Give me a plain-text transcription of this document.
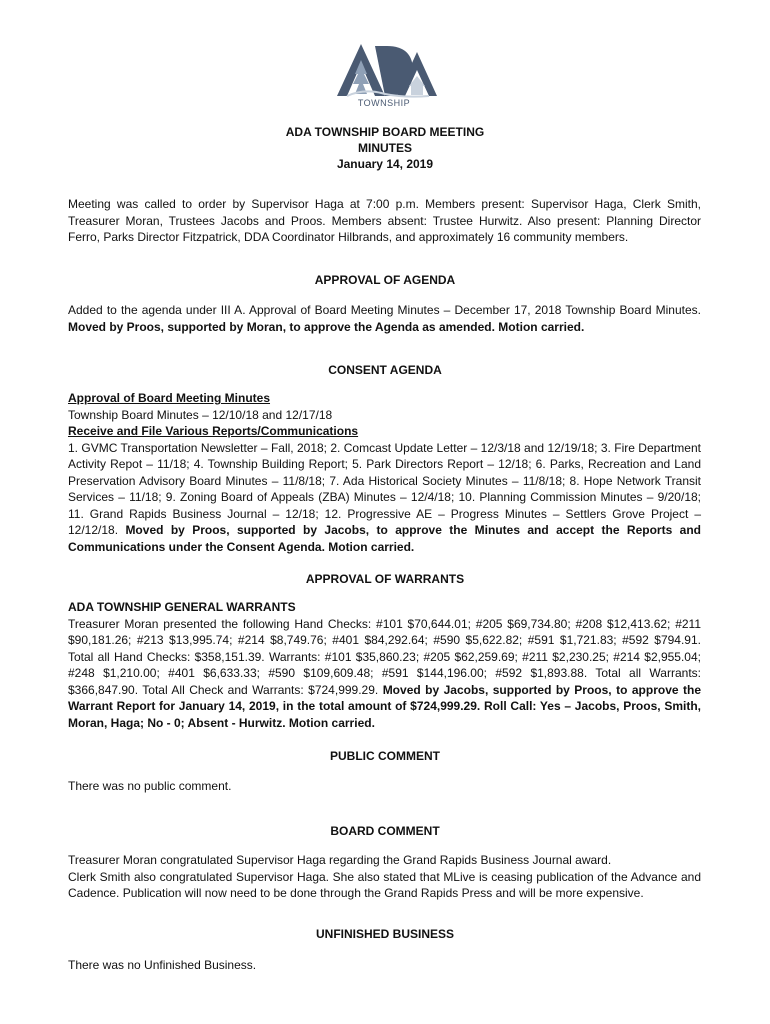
TOWNSHIP
ADA TOWNSHIP BOARD MEETING
MINUTES
January 14, 2019
Meeting was called to order by Supervisor Haga at 7:00 p.m. Members present: Supervisor Haga, Clerk Smith, Treasurer Moran, Trustees Jacobs and Proos. Members absent: Trustee Hurwitz. Also present: Planning Director Ferro, Parks Director Fitzpatrick, DDA Coordinator Hilbrands, and approximately 16 community members.
APPROVAL OF AGENDA
Added to the agenda under III A. Approval of Board Meeting Minutes – December 17, 2018 Township Board Minutes. Moved by Proos, supported by Moran, to approve the Agenda as amended. Motion carried.
CONSENT AGENDA
Approval of Board Meeting Minutes
Township Board Minutes – 12/10/18 and 12/17/18
Receive and File Various Reports/Communications
1. GVMC Transportation Newsletter – Fall, 2018; 2. Comcast Update Letter – 12/3/18 and 12/19/18; 3. Fire Department Activity Repot – 11/18; 4. Township Building Report; 5. Park Directors Report – 12/18; 6. Parks, Recreation and Land Preservation Advisory Board Minutes – 11/8/18; 7. Ada Historical Society Minutes – 11/8/18; 8. Hope Network Transit Services – 11/18; 9. Zoning Board of Appeals (ZBA) Minutes – 12/4/18; 10. Planning Commission Minutes – 9/20/18; 11. Grand Rapids Business Journal – 12/18; 12. Progressive AE – Progress Minutes – Settlers Grove Project – 12/12/18. Moved by Proos, supported by Jacobs, to approve the Minutes and accept the Reports and Communications under the Consent Agenda. Motion carried.
APPROVAL OF WARRANTS
ADA TOWNSHIP GENERAL WARRANTS
Treasurer Moran presented the following Hand Checks: #101 $70,644.01; #205 $69,734.80; #208 $12,413.62; #211 $90,181.26; #213 $13,995.74; #214 $8,749.76; #401 $84,292.64; #590 $5,622.82; #591 $1,721.83; #592 $794.91. Total all Hand Checks: $358,151.39. Warrants: #101 $35,860.23; #205 $62,259.69; #211 $2,230.25; #214 $2,955.04; #248 $1,210.00; #401 $6,633.33; #590 $109,609.48; #591 $144,196.00; #592 $1,893.88. Total all Warrants: $366,847.90. Total All Check and Warrants: $724,999.29. Moved by Jacobs, supported by Proos, to approve the Warrant Report for January 14, 2019, in the total amount of $724,999.29. Roll Call: Yes – Jacobs, Proos, Smith, Moran, Haga; No - 0; Absent - Hurwitz. Motion carried.
PUBLIC COMMENT
There was no public comment.
BOARD COMMENT
Treasurer Moran congratulated Supervisor Haga regarding the Grand Rapids Business Journal award.
Clerk Smith also congratulated Supervisor Haga. She also stated that MLive is ceasing publication of the Advance and Cadence. Publication will now need to be done through the Grand Rapids Press and will be more expensive.
UNFINISHED BUSINESS
There was no Unfinished Business.
